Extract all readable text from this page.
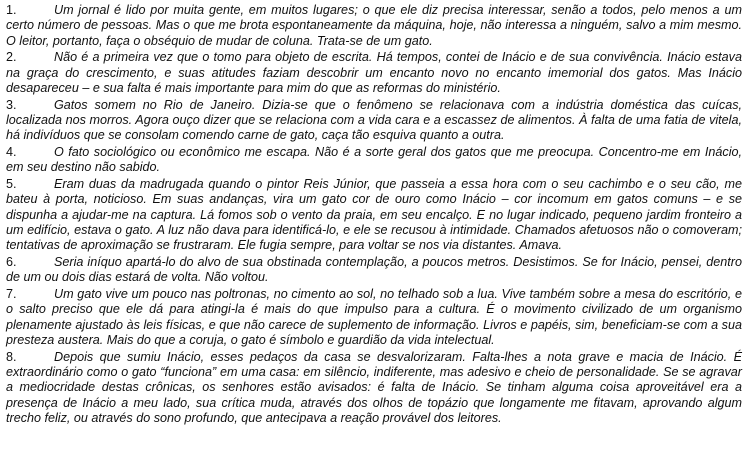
1.	Um jornal é lido por muita gente, em muitos lugares; o que ele diz precisa interessar, senão a todos, pelo menos a um certo número de pessoas. Mas o que me brota espontaneamente da máquina, hoje, não interessa a ninguém, salvo a mim mesmo. O leitor, portanto, faça o obséquio de mudar de coluna. Trata-se de um gato.
2.	Não é a primeira vez que o tomo para objeto de escrita. Há tempos, contei de Inácio e de sua convivência. Inácio estava na graça do crescimento, e suas atitudes faziam descobrir um encanto novo no encanto imemorial dos gatos. Mas Inácio desapareceu – e sua falta é mais importante para mim do que as reformas do ministério.
3.	Gatos somem no Rio de Janeiro. Dizia-se que o fenômeno se relacionava com a indústria doméstica das cuícas, localizada nos morros. Agora ouço dizer que se relaciona com a vida cara e a escassez de alimentos. À falta de uma fatia de vitela, há indivíduos que se consolam comendo carne de gato, caça tão esquiva quanto a outra.
4.	O fato sociológico ou econômico me escapa. Não é a sorte geral dos gatos que me preocupa. Concentro-me em Inácio, em seu destino não sabido.
5.	Eram duas da madrugada quando o pintor Reis Júnior, que passeia a essa hora com o seu cachimbo e o seu cão, me bateu à porta, noticioso. Em suas andanças, vira um gato cor de ouro como Inácio – cor incomum em gatos comuns – e se dispunha a ajudar-me na captura. Lá fomos sob o vento da praia, em seu encalço. E no lugar indicado, pequeno jardim fronteiro a um edifício, estava o gato. A luz não dava para identificá-lo, e ele se recusou à intimidade. Chamados afetuosos não o comoveram; tentativas de aproximação se frustraram. Ele fugia sempre, para voltar se nos via distantes. Amava.
6.	Seria iníquo apartá-lo do alvo de sua obstinada contemplação, a poucos metros. Desistimos. Se for Inácio, pensei, dentro de um ou dois dias estará de volta. Não voltou.
7.	Um gato vive um pouco nas poltronas, no cimento ao sol, no telhado sob a lua. Vive também sobre a mesa do escritório, e o salto preciso que ele dá para atingi-la é mais do que impulso para a cultura. É o movimento civilizado de um organismo plenamente ajustado às leis físicas, e que não carece de suplemento de informação. Livros e papéis, sim, beneficiam-se com a sua presteza austera. Mais do que a coruja, o gato é símbolo e guardião da vida intelectual.
8.	Depois que sumiu Inácio, esses pedaços da casa se desvalorizaram. Falta-lhes a nota grave e macia de Inácio. É extraordinário como o gato “funciona” em uma casa: em silêncio, indiferente, mas adesivo e cheio de personalidade. Se se agravar a mediocridade destas crônicas, os senhores estão avisados: é falta de Inácio. Se tinham alguma coisa aproveitável era a presença de Inácio a meu lado, sua crítica muda, através dos olhos de topázio que longamente me fitavam, aprovando algum trecho feliz, ou através do sono profundo, que antecipava a reação provável dos leitores.
